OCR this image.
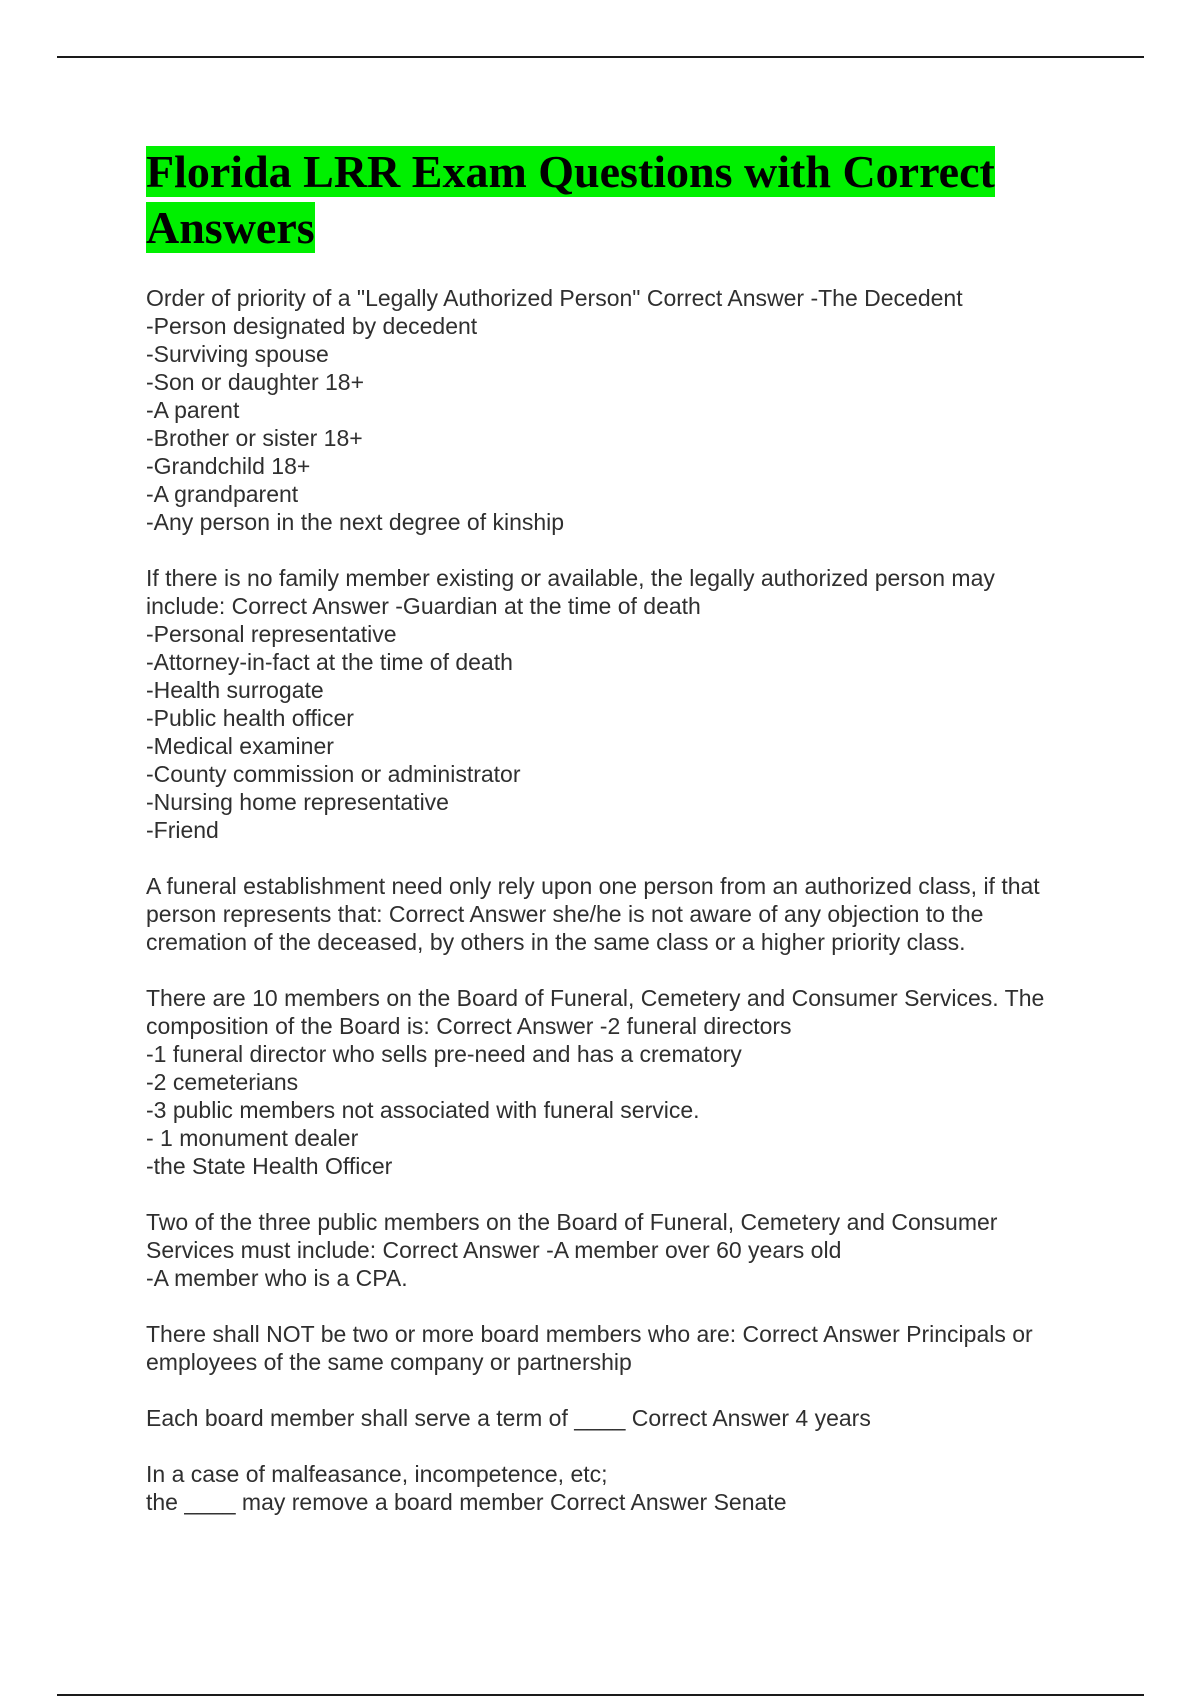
Florida LRR Exam Questions with Correct Answers

Order of priority of a "Legally Authorized Person" Correct Answer -The Decedent
-Person designated by decedent
-Surviving spouse
-Son or daughter 18+
-A parent
-Brother or sister 18+
-Grandchild 18+
-A grandparent
-Any person in the next degree of kinship

If there is no family member existing or available, the legally authorized person may include: Correct Answer -Guardian at the time of death
-Personal representative
-Attorney-in-fact at the time of death
-Health surrogate
-Public health officer
-Medical examiner
-County commission or administrator
-Nursing home representative
-Friend

A funeral establishment need only rely upon one person from an authorized class, if that person represents that: Correct Answer she/he is not aware of any objection to the cremation of the deceased, by others in the same class or a higher priority class.

There are 10 members on the Board of Funeral, Cemetery and Consumer Services. The composition of the Board is: Correct Answer -2 funeral directors
-1 funeral director who sells pre-need and has a crematory
-2 cemeterians
-3 public members not associated with funeral service.
- 1 monument dealer
-the State Health Officer

Two of the three public members on the Board of Funeral, Cemetery and Consumer Services must include: Correct Answer -A member over 60 years old
-A member who is a CPA.

There shall NOT be two or more board members who are: Correct Answer Principals or employees of the same company or partnership

Each board member shall serve a term of ____ Correct Answer 4 years

In a case of malfeasance, incompetence, etc;
the ____ may remove a board member Correct Answer Senate
